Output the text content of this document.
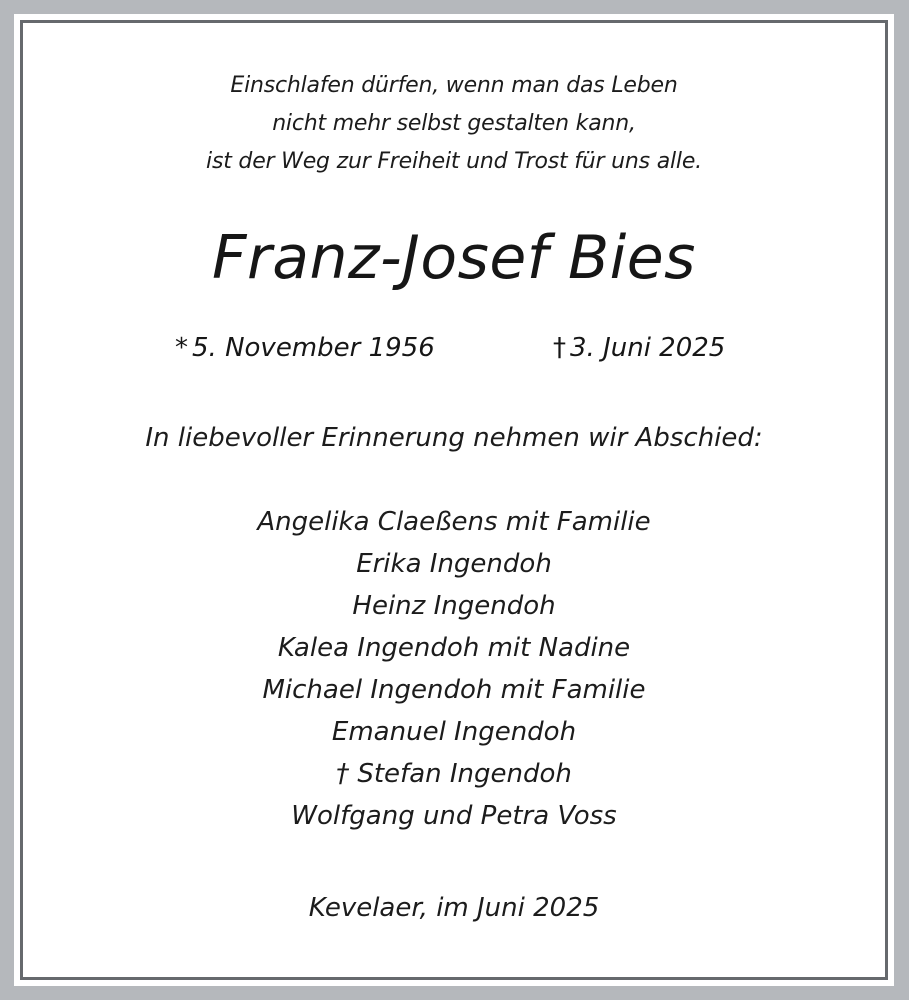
Einschlafen dürfen, wenn man das Leben
nicht mehr selbst gestalten kann,
ist der Weg zur Freiheit und Trost für uns alle.
Franz-Josef Bies
* 5. November 1956	† 3. Juni 2025
In liebevoller Erinnerung nehmen wir Abschied:
Angelika Claeßens mit Familie
Erika Ingendoh
Heinz Ingendoh
Kalea Ingendoh mit Nadine
Michael Ingendoh mit Familie
Emanuel Ingendoh
† Stefan Ingendoh
Wolfgang und Petra Voss
Kevelaer, im Juni 2025
